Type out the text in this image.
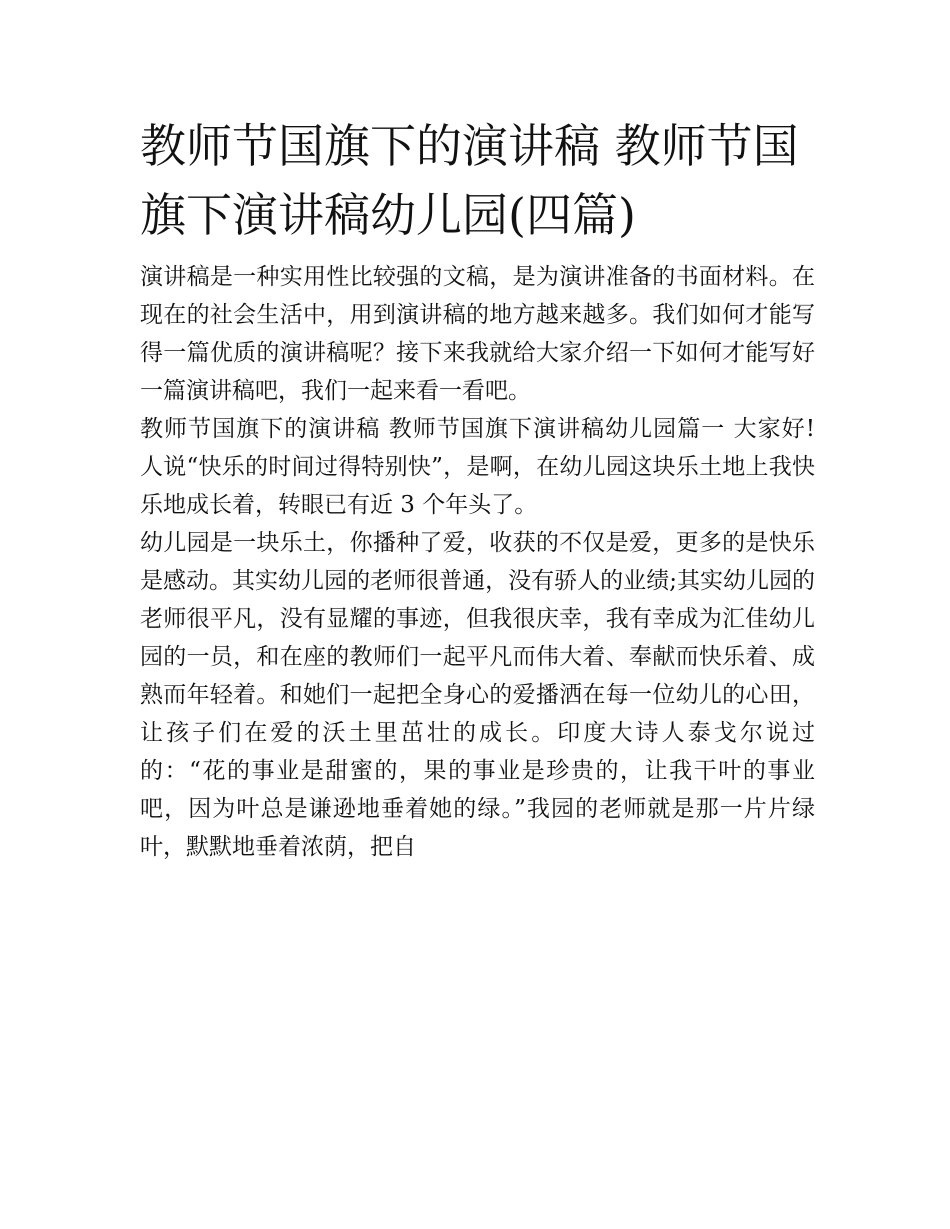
教师节国旗下的演讲稿 教师节国旗下演讲稿幼儿园(四篇)

演讲稿是一种实用性比较强的文稿，是为演讲准备的书面材料。在现在的社会生活中，用到演讲稿的地方越来越多。我们如何才能写得一篇优质的演讲稿呢？接下来我就给大家介绍一下如何才能写好一篇演讲稿吧，我们一起来看一看吧。

教师节国旗下的演讲稿 教师节国旗下演讲稿幼儿园篇一 大家好! 人说“快乐的时间过得特别快”，是啊，在幼儿园这块乐土地上我快乐地成长着，转眼已有近 3 个年头了。

幼儿园是一块乐土，你播种了爱，收获的不仅是爱，更多的是快乐是感动。其实幼儿园的老师很普通，没有骄人的业绩;其实幼儿园的老师很平凡，没有显耀的事迹，但我很庆幸，我有幸成为汇佳幼儿园的一员，和在座的教师们一起平凡而伟大着、奉献而快乐着、成熟而年轻着。和她们一起把全身心的爱播洒在每一位幼儿的心田，让孩子们在爱的沃土里茁壮的成长。印度大诗人泰戈尔说过的：“花的事业是甜蜜的，果的事业是珍贵的，让我干叶的事业吧，因为叶总是谦逊地垂着她的绿。”我园的老师就是那一片片绿叶，默默地垂着浓荫，把自
